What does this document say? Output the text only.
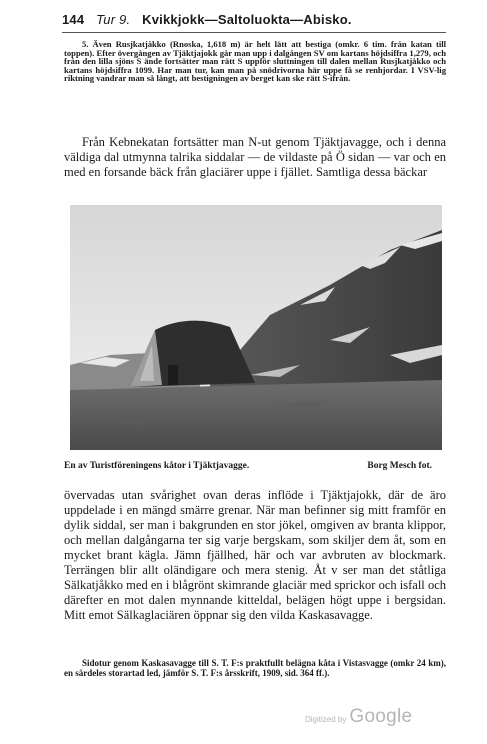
144 Tur 9. Kvikkjokk—Saltoluokta—Abisko.

5. Även Rusjkatjåkko (Rnoska, 1,618 m) är helt lätt att bestiga (omkr. 6 tim. från katan till toppen). Efter övergången av Tjäktjajokk går man upp i dalgången SV om kartans höjdsiffra 1,279, och från den lilla sjöns S ände fortsätter man rätt S uppför sluttningen till dalen mellan Rusjkatjåkko och kartans höjdsiffra 1099. Har man tur, kan man på snödrivorna här uppe få se renhjordar. I VSV-lig riktning vandrar man så långt, att bestigningen av berget kan ske rätt S-ifrån.

Från Kebnekatan fortsätter man N-ut genom Tjäktjavagge, och i denna väldiga dal utmynna talrika siddalar — de vildaste på Ö sidan — var och en med en forsande bäck från glaciärer uppe i fjället. Samtliga dessa bäckar

En av Turistföreningens kåtor i Tjäktjavagge.	Borg Mesch fot.

övervadas utan svårighet ovan deras inflöde i Tjäktjajokk, där de äro uppdelade i en mängd smärre grenar. När man befinner sig mitt framför en dylik siddal, ser man i bakgrunden en stor jökel, omgiven av branta klippor, och mellan dalgångarna ter sig varje bergskam, som skiljer dem åt, som en mycket brant kägla. Jämn fjällhed, här och var avbruten av blockmark. Terrängen blir allt oländigare och mera stenig. Åt v ser man det ståtliga Sälkatjåkko med en i blågrönt skimrande glaciär med sprickor och isfall och därefter en mot dalen mynnande kitteldal, belägen högt uppe i bergsidan. Mitt emot Sälkaglaciären öppnar sig den vilda Kaskasavagge.

Sidotur genom Kaskasavagge till S. T. F:s praktfullt belägna kåta i Vistasvagge (omkr 24 km), en särdeles storartad led, jämför S. T. F:s årsskrift, 1909, sid. 364 ff.).

Digitized by Google
